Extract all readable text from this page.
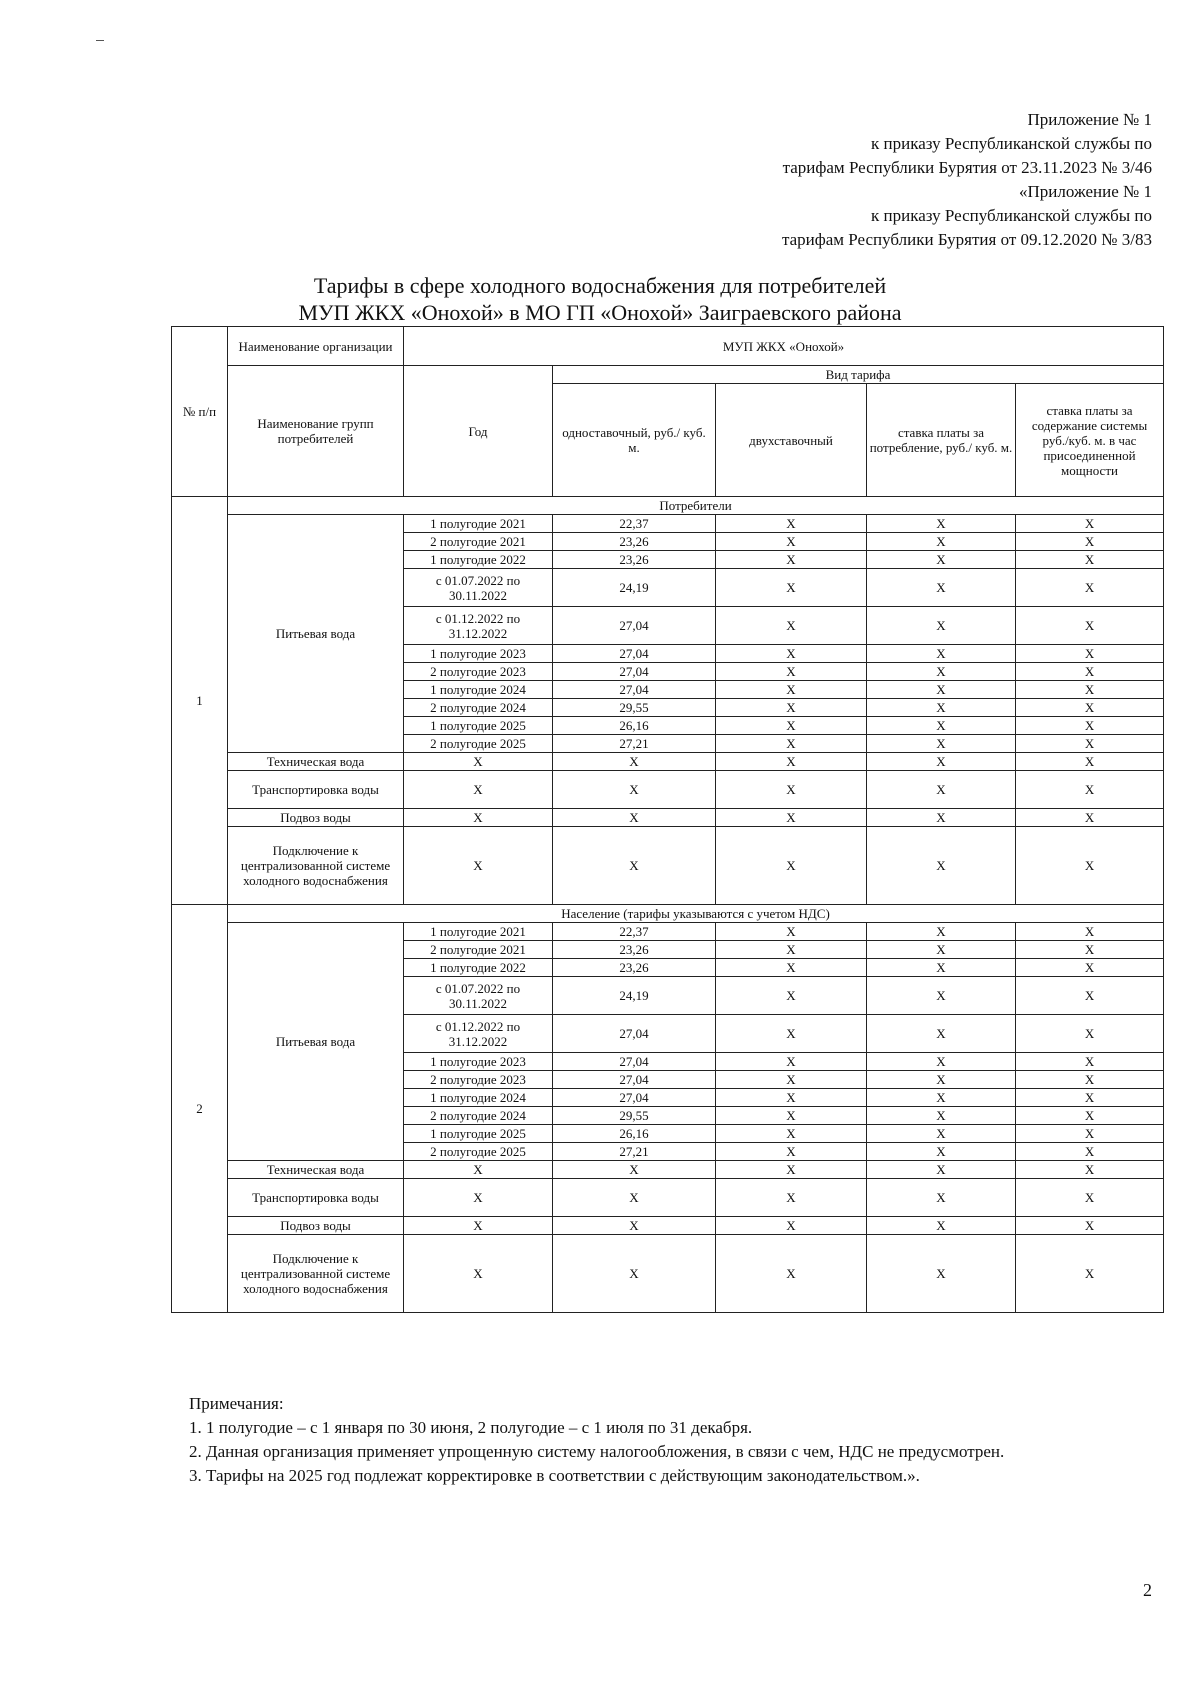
Приложение № 1
к приказу Республиканской службы по
тарифам Республики Бурятия от 23.11.2023 № 3/46
«Приложение № 1
к приказу Республиканской службы по
тарифам Республики Бурятия от 09.12.2020 № 3/83
Тарифы в сфере холодного водоснабжения для потребителей
МУП ЖКХ «Онохой» в МО ГП «Онохой» Заиграевского района
№ п/п	Наименование организации	МУП ЖКХ «Онохой»				
	Наименование групп потребителей	Год	Вид тарифа			
			одноставочный, руб./ куб. м.	двухставочный	ставка платы за потребление, руб./ куб. м.	ставка платы за содержание системы руб./куб. м. в час присоединенной мощности
1	Потребители					
	Питьевая вода	1 полугодие 2021	22,37	X	X	X
		2 полугодие 2021	23,26	X	X	X
		1 полугодие 2022	23,26	X	X	X
		с 01.07.2022 по 30.11.2022	24,19	X	X	X
		с 01.12.2022 по 31.12.2022	27,04	X	X	X
		1 полугодие 2023	27,04	X	X	X
		2 полугодие 2023	27,04	X	X	X
		1 полугодие 2024	27,04	X	X	X
		2 полугодие 2024	29,55	X	X	X
		1 полугодие 2025	26,16	X	X	X
		2 полугодие 2025	27,21	X	X	X
	Техническая вода	X	X	X	X	X
	Транспортировка воды	X	X	X	X	X
	Подвоз воды	X	X	X	X	X
	Подключение к централизованной системе холодного водоснабжения	X	X	X	X	X
2	Население (тарифы указываются с учетом НДС)					
	Питьевая вода	1 полугодие 2021	22,37	X	X	X
		2 полугодие 2021	23,26	X	X	X
		1 полугодие 2022	23,26	X	X	X
		с 01.07.2022 по 30.11.2022	24,19	X	X	X
		с 01.12.2022 по 31.12.2022	27,04	X	X	X
		1 полугодие 2023	27,04	X	X	X
		2 полугодие 2023	27,04	X	X	X
		1 полугодие 2024	27,04	X	X	X
		2 полугодие 2024	29,55	X	X	X
		1 полугодие 2025	26,16	X	X	X
		2 полугодие 2025	27,21	X	X	X
	Техническая вода	X	X	X	X	X
	Транспортировка воды	X	X	X	X	X
	Подвоз воды	X	X	X	X	X
	Подключение к централизованной системе холодного водоснабжения	X	X	X	X	X
Примечания:
1. 1 полугодие – с 1 января по 30 июня, 2 полугодие – с 1 июля по 31 декабря.
2. Данная организация применяет упрощенную систему налогообложения, в связи с чем, НДС не предусмотрен.
3. Тарифы на 2025 год подлежат корректировке в соответствии с действующим законодательством.».
2
